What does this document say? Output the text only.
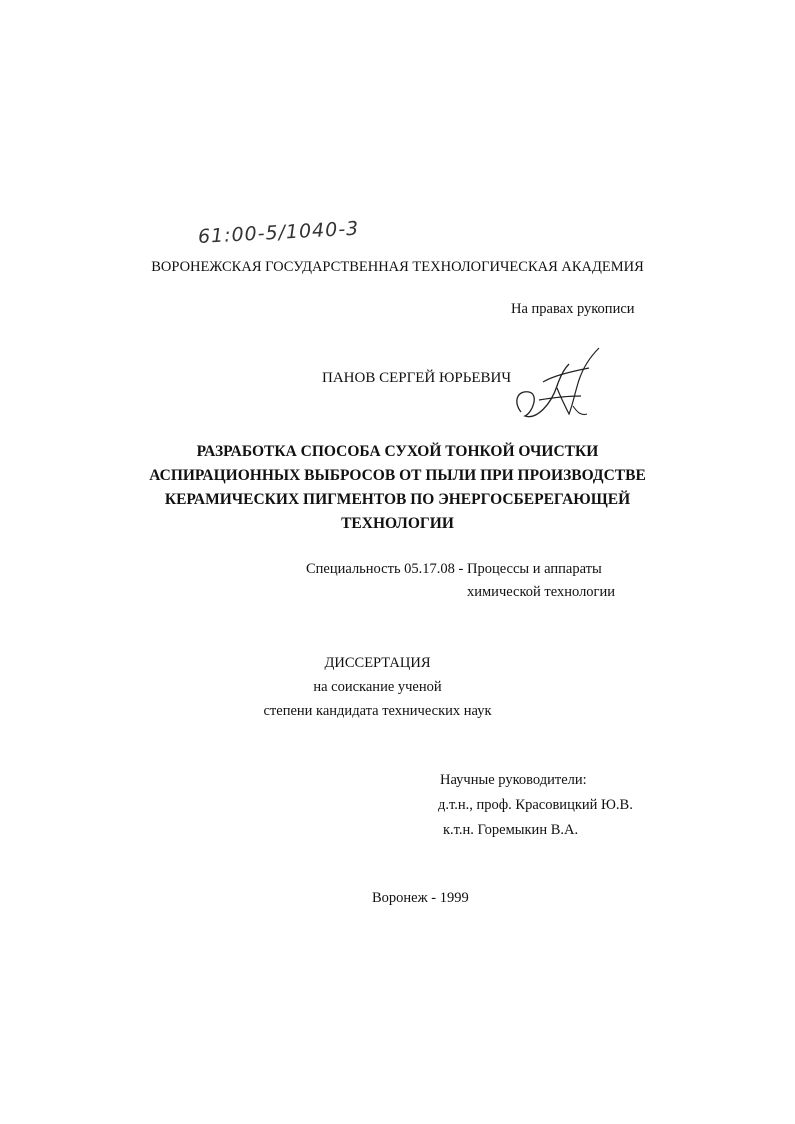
61:00-5/1040-3
ВОРОНЕЖСКАЯ ГОСУДАРСТВЕННАЯ ТЕХНОЛОГИЧЕСКАЯ АКАДЕМИЯ
На правах рукописи
ПАНОВ СЕРГЕЙ ЮРЬЕВИЧ
РАЗРАБОТКА СПОСОБА СУХОЙ ТОНКОЙ ОЧИСТКИ
АСПИРАЦИОННЫХ ВЫБРОСОВ ОТ ПЫЛИ ПРИ ПРОИЗВОДСТВЕ
КЕРАМИЧЕСКИХ ПИГМЕНТОВ ПО ЭНЕРГОСБЕРЕГАЮЩЕЙ
ТЕХНОЛОГИИ
Специальность 05.17.08 - Процессы и аппараты
химической технологии
ДИССЕРТАЦИЯ
на соискание ученой
степени кандидата технических наук
Научные руководители:
д.т.н., проф. Красовицкий Ю.В.
к.т.н. Горемыкин В.А.
Воронеж - 1999
